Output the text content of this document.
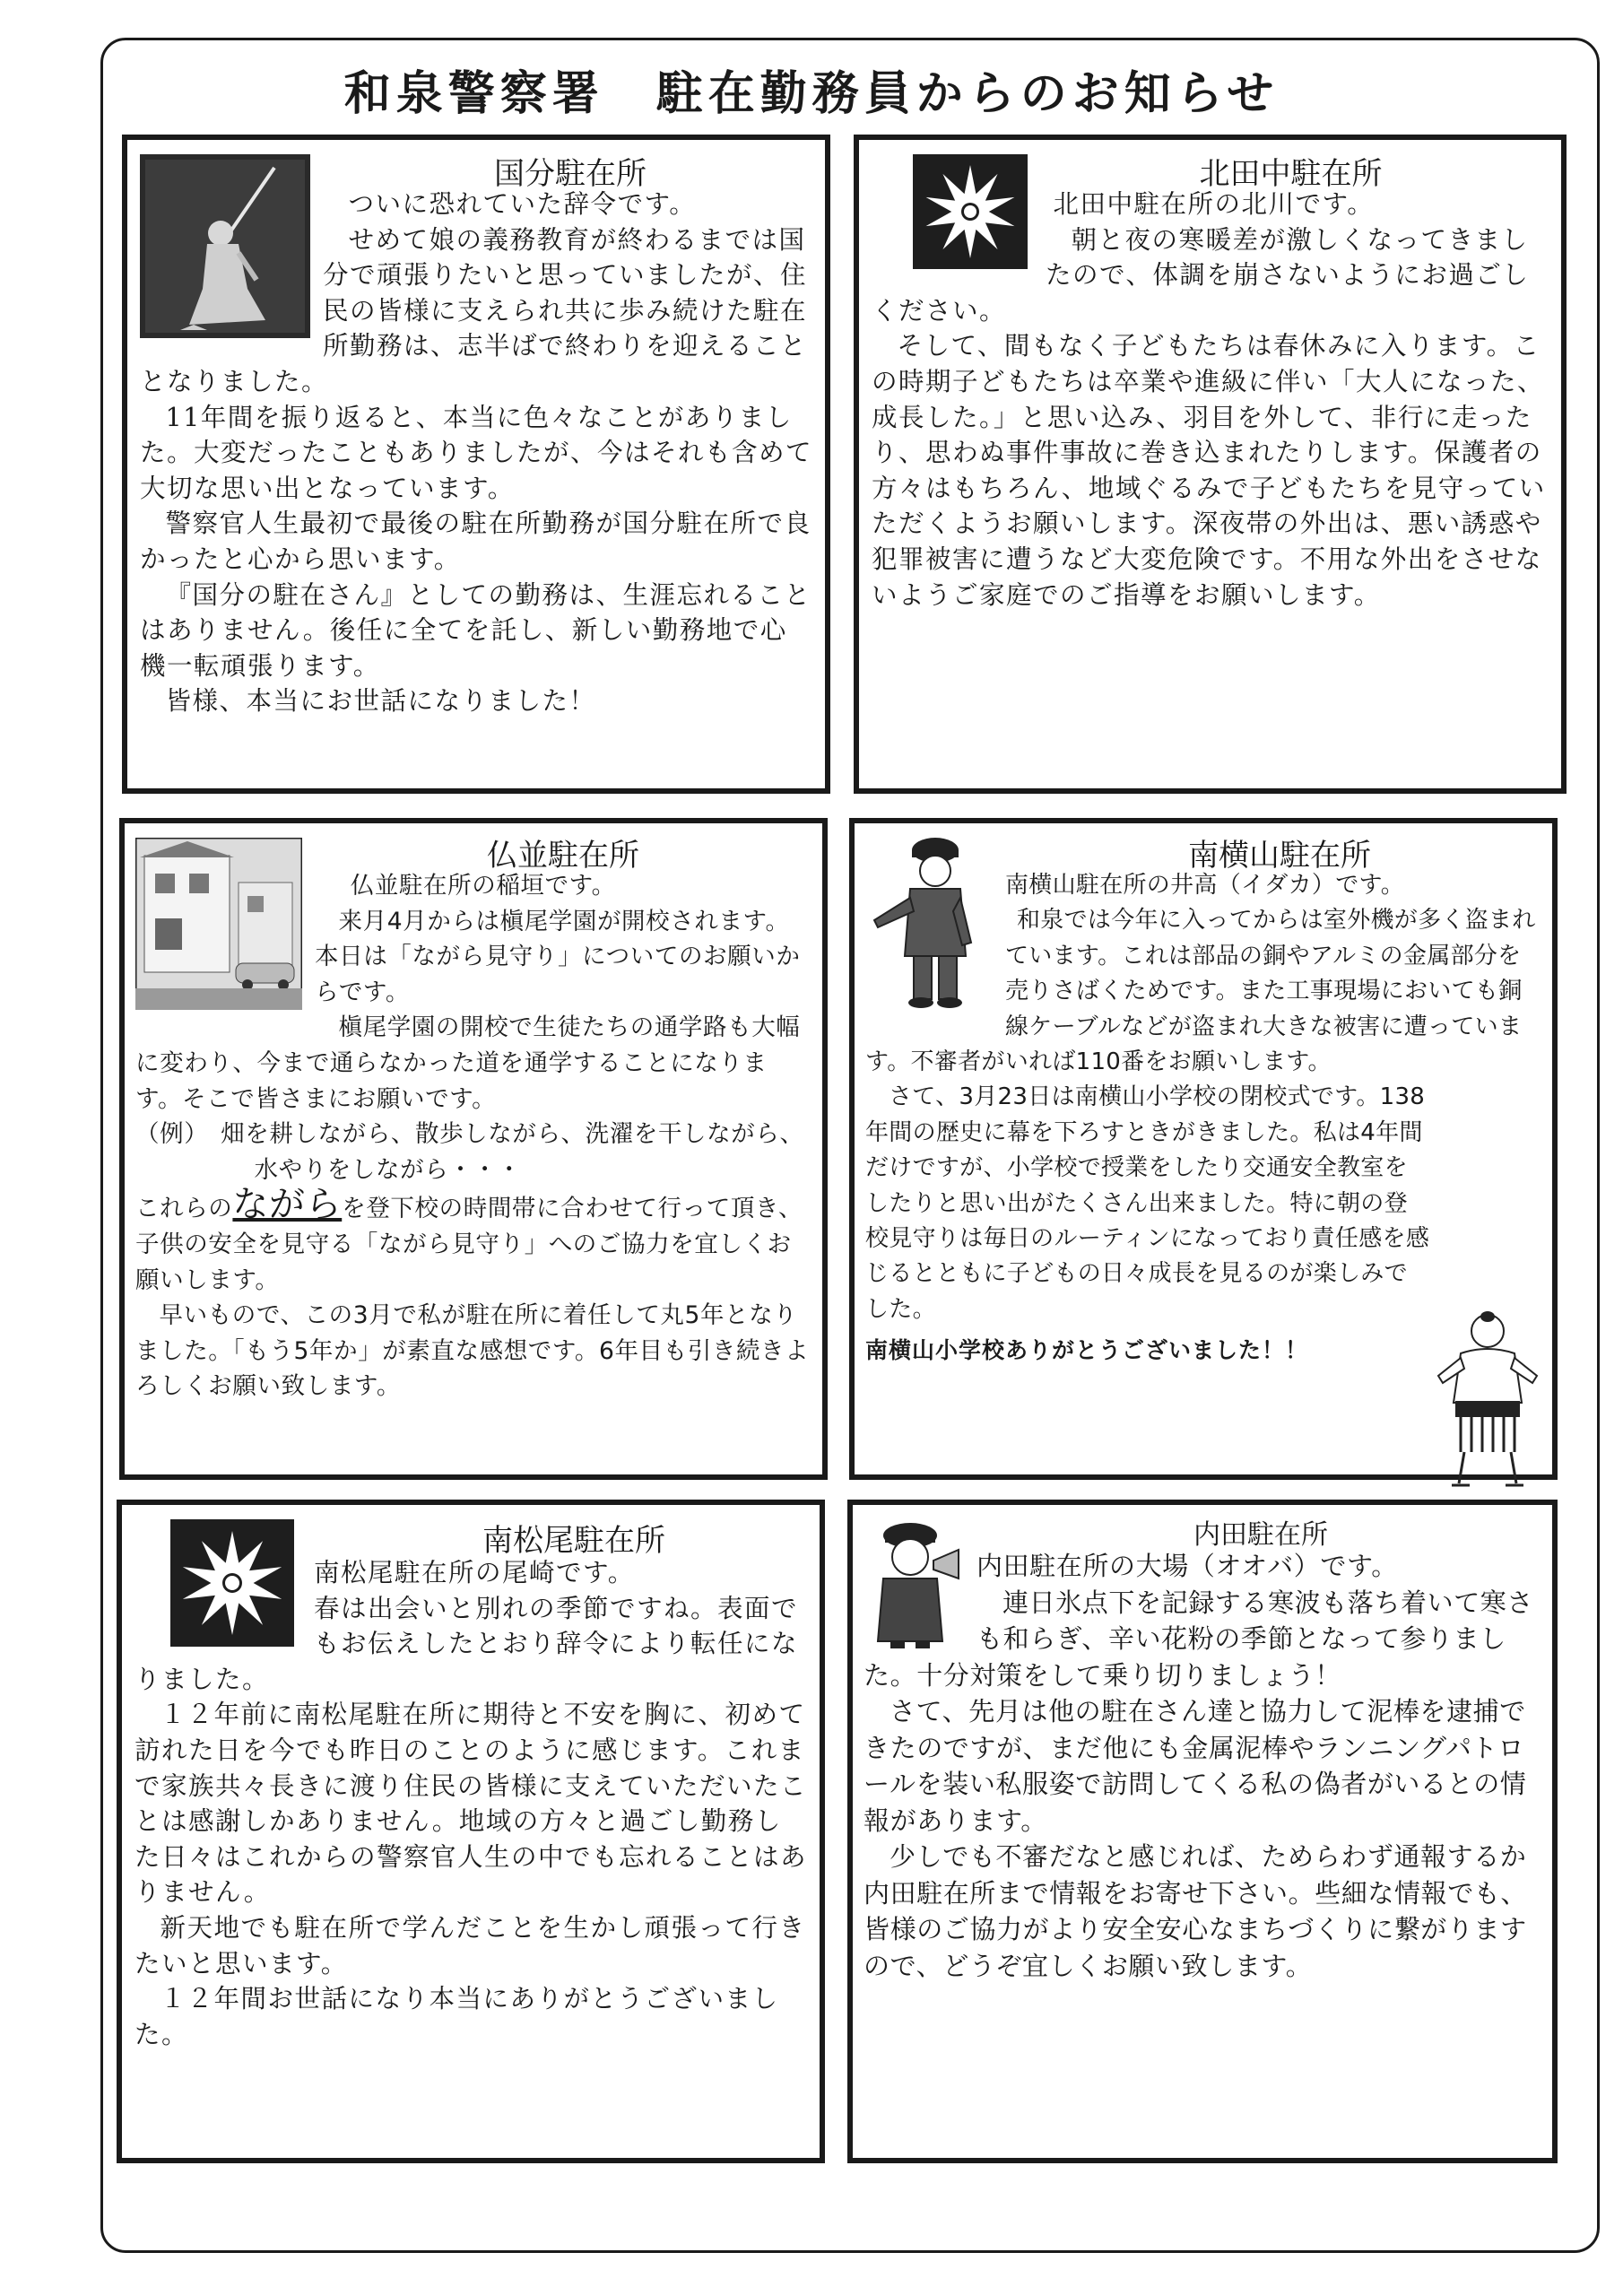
和泉警察署　駐在勤務員からのお知らせ
国分駐在所

ついに恐れていた辞令です。

せめて娘の義務教育が終わるまでは国分で頑張りたいと思っていましたが、住民の皆様に支えられ共に歩み続けた駐在所勤務は、志半ばで終わりを迎えることとなりました。

11年間を振り返ると、本当に色々なことがありました。大変だったこともありましたが、今はそれも含めて大切な思い出となっています。

警察官人生最初で最後の駐在所勤務が国分駐在所で良かったと心から思います。

『国分の駐在さん』としての勤務は、生涯忘れることはありません。後任に全てを託し、新しい勤務地で心機一転頑張ります。

皆様、本当にお世話になりました！

北田中駐在所

北田中駐在所の北川です。

朝と夜の寒暖差が激しくなってきましたので、体調を崩さないようにお過ごしください。

そして、間もなく子どもたちは春休みに入ります。この時期子どもたちは卒業や進級に伴い「大人になった、成長した。」と思い込み、羽目を外して、非行に走ったり、思わぬ事件事故に巻き込まれたりします。保護者の方々はもちろん、地域ぐるみで子どもたちを見守っていただくようお願いします。深夜帯の外出は、悪い誘惑や犯罪被害に遭うなど大変危険です。不用な外出をさせないようご家庭でのご指導をお願いします。

仏並駐在所

仏並駐在所の稲垣です。

来月4月からは槇尾学園が開校されます。本日は「ながら見守り」についてのお願いからです。

槇尾学園の開校で生徒たちの通学路も大幅に変わり、今まで通らなかった道を通学することになります。そこで皆さまにお願いです。

（例）　畑を耕しながら、散歩しながら、洗濯を干しながら、水やりをしながら・・・

これらのながらを登下校の時間帯に合わせて行って頂き、子供の安全を見守る「ながら見守り」へのご協力を宜しくお願いします。

早いもので、この3月で私が駐在所に着任して丸5年となりました。「もう5年か」が素直な感想です。6年目も引き続きよろしくお願い致します。

南横山駐在所

南横山駐在所の井高（イダカ）です。

和泉では今年に入ってからは室外機が多く盗まれています。これは部品の銅やアルミの金属部分を売りさばくためです。また工事現場においても銅線ケーブルなどが盗まれ大きな被害に遭っています。不審者がいれば110番をお願いします。

さて、3月23日は南横山小学校の閉校式です。138年間の歴史に幕を下ろすときがきました。私は4年間だけですが、小学校で授業をしたり交通安全教室をしたりと思い出がたくさん出来ました。特に朝の登校見守りは毎日のルーティンになっており責任感を感じるとともに子どもの日々成長を見るのが楽しみでした。

南横山小学校ありがとうございました！！

南松尾駐在所

南松尾駐在所の尾崎です。

春は出会いと別れの季節ですね。表面でもお伝えしたとおり辞令により転任になりました。

１２年前に南松尾駐在所に期待と不安を胸に、初めて訪れた日を今でも昨日のことのように感じます。これまで家族共々長きに渡り住民の皆様に支えていただいたことは感謝しかありません。地域の方々と過ごし勤務した日々はこれからの警察官人生の中でも忘れることはありません。

新天地でも駐在所で学んだことを生かし頑張って行きたいと思います。

１２年間お世話になり本当にありがとうございました。

内田駐在所

内田駐在所の大場（オオバ）です。

連日氷点下を記録する寒波も落ち着いて寒さも和らぎ、辛い花粉の季節となって参りました。十分対策をして乗り切りましょう！

さて、先月は他の駐在さん達と協力して泥棒を逮捕できたのですが、まだ他にも金属泥棒やランニングパトロールを装い私服姿で訪問してくる私の偽者がいるとの情報があります。

少しでも不審だなと感じれば、ためらわず通報するか内田駐在所まで情報をお寄せ下さい。些細な情報でも、皆様のご協力がより安全安心なまちづくりに繋がりますので、どうぞ宜しくお願い致します。
